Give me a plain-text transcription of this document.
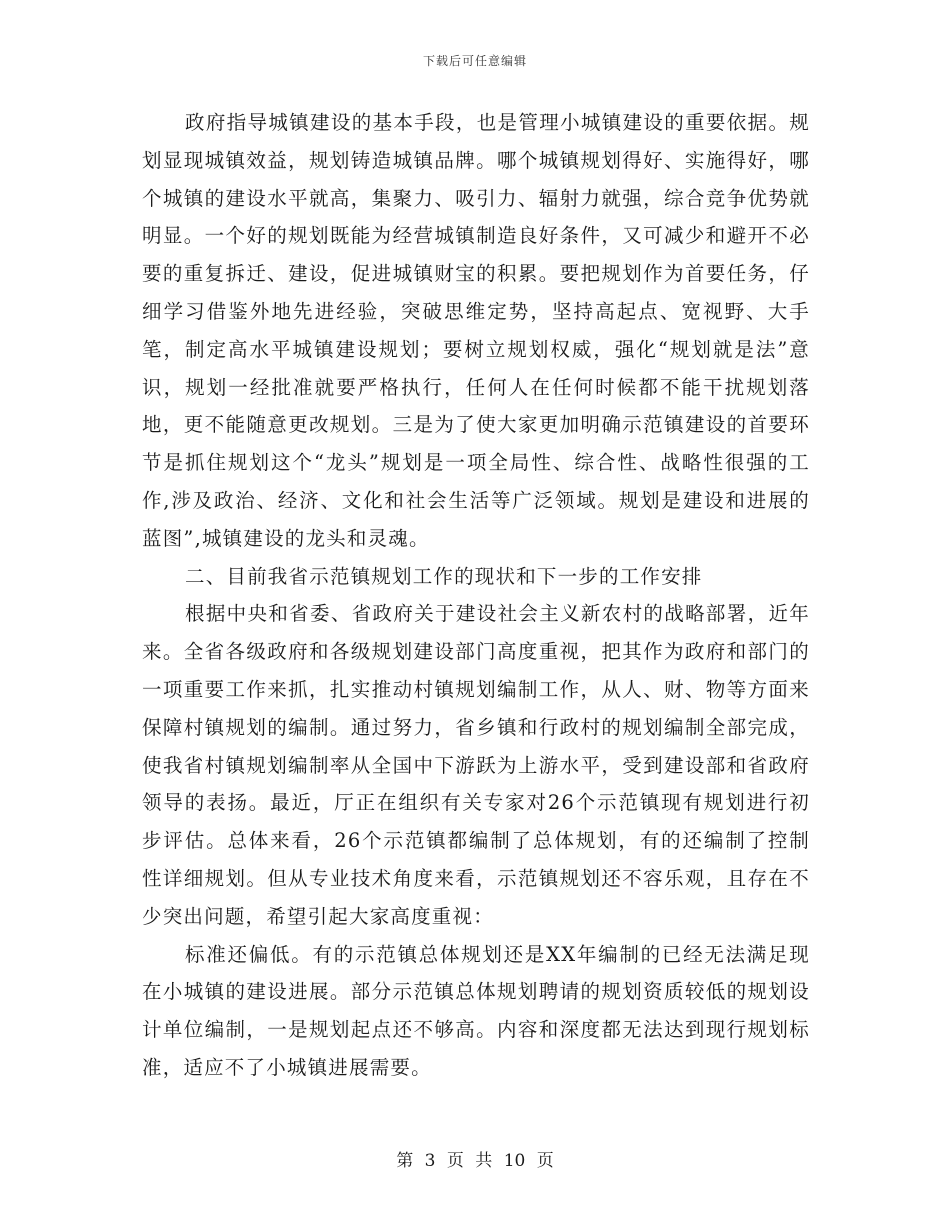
下载后可任意编辑

政府指导城镇建设的基本手段，也是管理小城镇建设的重要依据。规划显现城镇效益，规划铸造城镇品牌。哪个城镇规划得好、实施得好，哪个城镇的建设水平就高，集聚力、吸引力、辐射力就强，综合竞争优势就明显。一个好的规划既能为经营城镇制造良好条件，又可减少和避开不必要的重复拆迁、建设，促进城镇财宝的积累。要把规划作为首要任务，仔细学习借鉴外地先进经验，突破思维定势，坚持高起点、宽视野、大手笔，制定高水平城镇建设规划；要树立规划权威，强化“规划就是法”意识，规划一经批准就要严格执行，任何人在任何时候都不能干扰规划落地，更不能随意更改规划。三是为了使大家更加明确示范镇建设的首要环节是抓住规划这个“龙头”规划是一项全局性、综合性、战略性很强的工作,涉及政治、经济、文化和社会生活等广泛领域。规划是建设和进展的蓝图”,城镇建设的龙头和灵魂。

二、目前我省示范镇规划工作的现状和下一步的工作安排

根据中央和省委、省政府关于建设社会主义新农村的战略部署，近年来。全省各级政府和各级规划建设部门高度重视，把其作为政府和部门的一项重要工作来抓，扎实推动村镇规划编制工作，从人、财、物等方面来保障村镇规划的编制。通过努力，省乡镇和行政村的规划编制全部完成，使我省村镇规划编制率从全国中下游跃为上游水平，受到建设部和省政府领导的表扬。最近，厅正在组织有关专家对26个示范镇现有规划进行初步评估。总体来看，26个示范镇都编制了总体规划，有的还编制了控制性详细规划。但从专业技术角度来看，示范镇规划还不容乐观，且存在不少突出问题，希望引起大家高度重视：

标准还偏低。有的示范镇总体规划还是XX年编制的已经无法满足现在小城镇的建设进展。部分示范镇总体规划聘请的规划资质较低的规划设计单位编制，一是规划起点还不够高。内容和深度都无法达到现行规划标准，适应不了小城镇进展需要。

第 3 页 共 10 页
